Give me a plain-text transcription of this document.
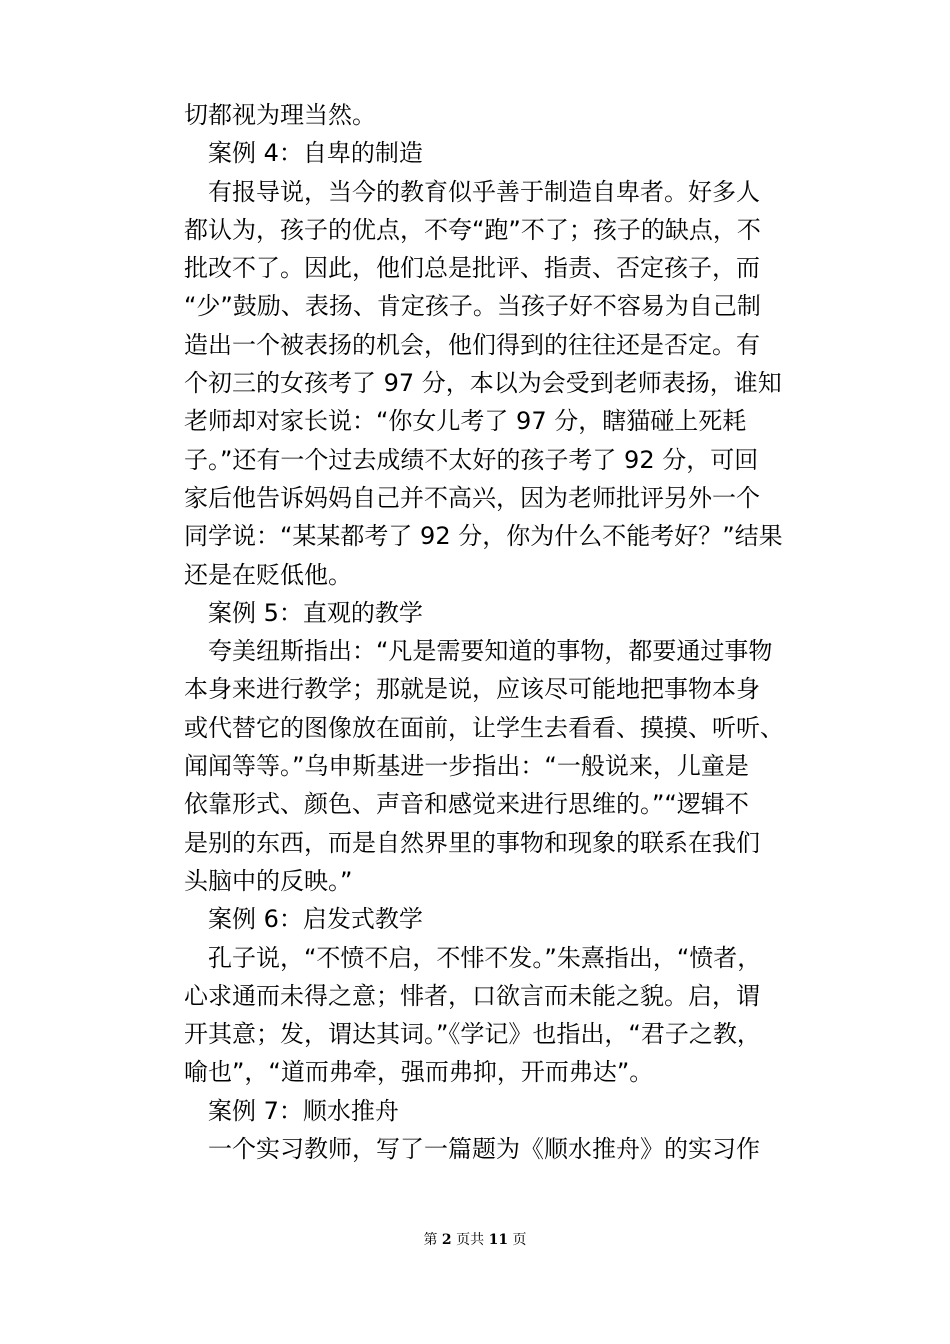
切都视为理当然。
　案例 4：自卑的制造
　有报导说，当今的教育似乎善于制造自卑者。好多人
都认为，孩子的优点，不夸“跑”不了；孩子的缺点，不
批改不了。因此，他们总是批评、指责、否定孩子，而
“少”鼓励、表扬、肯定孩子。当孩子好不容易为自己制
造出一个被表扬的机会，他们得到的往往还是否定。有
个初三的女孩考了 97 分，本以为会受到老师表扬，谁知
老师却对家长说：“你女儿考了 97 分，瞎猫碰上死耗
子。”还有一个过去成绩不太好的孩子考了 92 分，可回
家后他告诉妈妈自己并不高兴，因为老师批评另外一个
同学说：“某某都考了 92 分，你为什么不能考好？”结果
还是在贬低他。
　案例 5：直观的教学
　夸美纽斯指出：“凡是需要知道的事物，都要通过事物
本身来进行教学；那就是说，应该尽可能地把事物本身
或代替它的图像放在面前，让学生去看看、摸摸、听听、
闻闻等等。”乌申斯基进一步指出：“一般说来，儿童是
依靠形式、颜色、声音和感觉来进行思维的。”“逻辑不
是别的东西，而是自然界里的事物和现象的联系在我们
头脑中的反映。”
　案例 6：启发式教学
　孔子说，“不愤不启，不悱不发。”朱熹指出，“愤者，
心求通而未得之意；悱者，口欲言而未能之貌。启，谓
开其意；发，谓达其词。”《学记》也指出，“君子之教，
喻也”，“道而弗牵，强而弗抑，开而弗达”。
　案例 7：顺水推舟
　一个实习教师，写了一篇题为《顺水推舟》的实习作
第 2 页共 11 页
